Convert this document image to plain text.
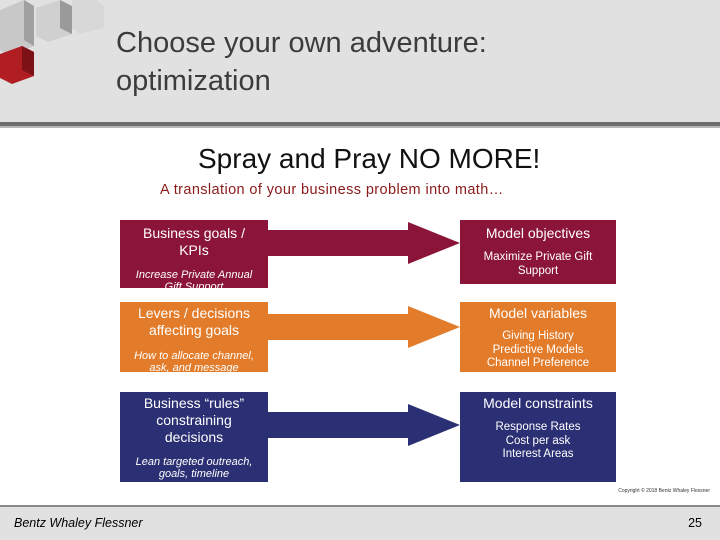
Choose your own adventure:
optimization
Spray and Pray NO MORE!
A translation of your business problem into math…
Business goals / KPIs
Increase Private Annual Gift Support
Model objectives
Maximize Private Gift Support
Levers / decisions affecting goals
How to allocate channel, ask, and message
Model variables
Giving History Predictive Models Channel Preference
Business “rules” constraining decisions
Lean targeted outreach, goals, timeline
Model constraints
Response Rates Cost per ask Interest Areas
Copyright © 2018 Bentz Whaley Flessner
Bentz Whaley Flessner	25
